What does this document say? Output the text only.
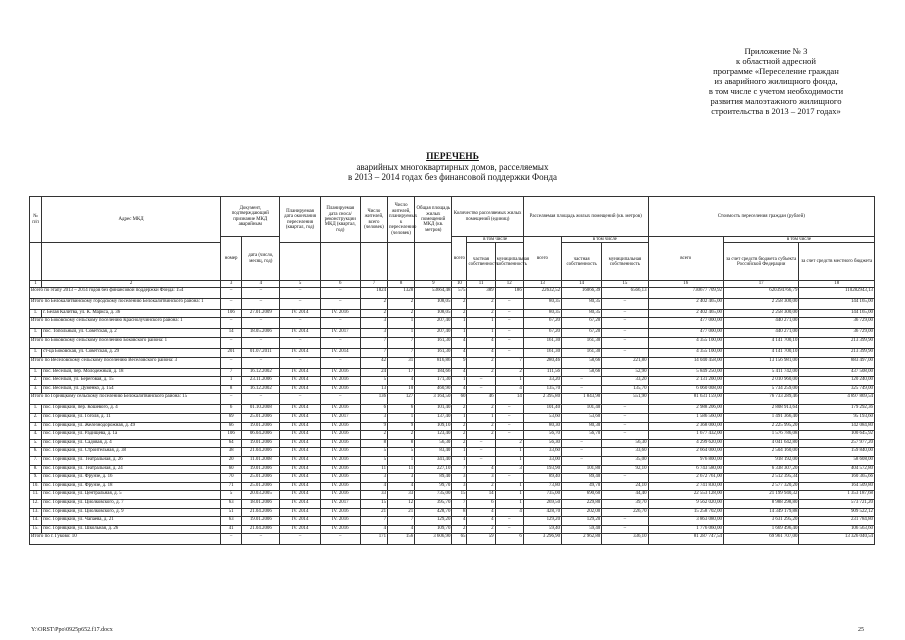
Приложение № 3
к областной адресной
программе «Переселение граждан
из аварийного жилищного фонда,
в том числе с учетом необходимости
развития малоэтажного жилищного
строительства в 2013 – 2017 годах»
ПЕРЕЧЕНЬ
аварийных многоквартирных домов, расселяемых
в 2013 – 2014 годах без финансовой поддержки Фонда
№ п/п	Адрес МКД	Документ, подтверждающий признание МКД аварийным		Планируемая дата окончания переселения (квартал, год)	Планируемая дата сноса/ реконструкции МКД (квартал, год)	Число жителей, всего (человек)	Число жителей, планируемых к переселению (человек)	Общая площадь жилых помещений МКД (кв. метров)	Количество расселяемых жилых помещений (единиц)			Расселяемая площадь жилых помещений (кв. метров)			Стоимость переселения граждан (рублей)		
		номер	дата (число, месяц, год)						всего	в том числе		всего	в том числе		всего	в том числе	
										частная собственность	муниципальная собственность		частная собственность	муниципальная собственность		за счет средств бюджета субъекта Российской Федерации	за счет средств местного бюджета
1	2	3	4	5	6	7	8	9	10	11	12	13	14	15	16	17	18
Всего по этапу 2013 – 2014 годов без финансовой поддержки Фонда: 154		–	–	–	–	1824	1328	53664,48	575	389	186	22632,52	16066,39	6566,13	730677 709,92	620394766,79	110282943,13
Итого по Белокалитвинскому городскому поселению Белокалитвинского района: 1		–	–	–	–	2	2	108,05	2	2	–	80,35	80,35	–	2 402 465,00	2 258 300,00	144 165,00
1.	г. Белая Калитва, ул. К. Маркса, д. 36	106	27.01.2009	IV. 2014	IV. 2016	2	2	108,05	2	2	–	80,35	80,35	–	2 402 465,00	2 258 300,00	144 165,00
Итого по Боковскому сельскому поселению Краснолучинского района: 1		–	–	–	–	3	1	207,40	1	1	–	67,20	67,20	–	477 000,00	440 271,00	36 729,00
1.	пос. Топольный, ул. Советская, д. 2	14	18.05.2006	IV. 2014	IV. 2017	3	1	207,40	1	1	–	67,20	67,20	–	477 000,00	440 271,00	36 729,00
Итого по Боковскому сельскому поселению Боковского района: 1		–	–	–	–	7	7	161,30	4	4	–	161,30	161,30	–	4 355 100,00	4 141 700,10	213 399,90
1.	ст-ца Боковская, ул. Советская, д. 29	201	01.07.2011	IV. 2014	IV. 2014	7	7	161,30	4	4	–	161,30	161,30	–	4 355 100,00	4 141 700,10	213 399,90
Итого по Веселовскому сельскому поселению Веселовского района: 3		–	–	–	–	42	31	816,86	9	2	7	280,46	58,66	221,80	14 040 458,00	13 156 981,00	883 497,00
1.	пос. Веселый, пер. Молодежный, д. 18	7	16.12.2002	IV. 2014	IV. 2016	24	17	184,66	4	2	2	111,56	58,66	52,90	5 849 250,00	5 411 742,00	437 508,00
2.	пос. Веселый, ул. Береговая, д. 15	1	23.11.2006	IV. 2014	IV. 2016	5	4	171,30	1	–	1	33,20	–	33,20	2 131 200,00	2 010 960,00	120 240,00
3.	пос. Веселый, ул. Думенко, д. 154	8	16.12.2002	IV. 2014	IV. 2016	13	10	460,90	4	–	4	135,70	–	135,70	6 060 008,00	5 734 259,00	325 749,00
Итого по Горняцкому сельскому поселению Белокалитвинского района: 15		–	–	–	–	136	127	3 164,50	60	46	14	2 395,80	1 843,90	551,90	81 631 159,00	76 733 289,46	4 897 869,54
1.	пос. Горняцкий, пер. Кошевого, д. 4	6	01.10.2008	IV. 2014	IV. 2016	6	6	101,40	2	2	–	101,40	101,40	–	2 988 206,00	2 808 913,64	179 292,36
2.	пос. Горняцкий, ул. Гоголя, д. 11	69	25.01.2006	IV. 2014	IV. 2017	3	1	137,40	1	1	–	53,60	53,60	–	1 586 560,00	1 491 366,40	95 193,60
3.	пос. Горняцкий, ул. Железнодорожная, д. 49	66	19.01.2006	IV. 2014	IV. 2016	9	9	109,10	2	2	–	80,30	80,30	–	2 368 000,00	2 225 995,20	142 084,80
4.	пос. Горняцкий, ул. Радищева, д. 1а	106	06.04.2006	IV. 2014	IV. 2016	2	2	123,40	2	2	–	56,70	56,70	–	1 677 432,00	1 576 786,08	100 645,92
5.	пос. Горняцкий, ул. Садовая, д. 4	64	19.01.2006	IV. 2014	IV. 2016	8	8	56,30	2	–	2	56,30	–	56,30	4 299 620,00	4 041 642,80	257 977,20
6.	пос. Горняцкий, ул. Строительная, д. 38	38	21.04.2006	IV. 2014	IV. 2016	5	5	83,40	1	–	1	33,60	–	33,60	2 664 000,00	2 504 160,00	159 840,00
7.	пос. Горняцкий, ул. Театральная, д. 26	20	11.01.2008	IV. 2014	IV. 2016	5	1	341,40	1	–	1	33,00	–	35,00	976 800,00	918 192,00	58 608,00
8.	пос. Горняцкий, ул. Театральная, д. 24	60	19.01.2006	IV. 2014	IV. 2016	11	11	227,10	7	4	3	193,90	101,80	92,10	6 743 580,00	6 338 307,20	404 572,80
9.	пос. Горняцкий, ул. Фрунзе, д. 16	70	25.01.2006	IV. 2014	IV. 2016	3	3	89,40	3	3	–	89,40	89,40	–	2 672 761,00	2 512 395,34	160 365,66
10.	пос. Горняцкий, ул. Фрунзе, д. 18	71	25.01.2006	IV. 2014	IV. 2016	4	4	99,70	3	2	1	73,80	49,70	24,10	2 741 830,00	2 577 320,20	164 509,80
11.	пос. Горняцкий, ул. Центральная, д. 5	5	20.03.2005	IV. 2014	IV. 2016	33	33	735,00	15	14	1	735,00	690,60	44,40	22 553 128,00	21 199 940,32	1 353 187,68
12.	пос. Горняцкий, ул. Циолковского, д. 7	63	18.01.2006	IV. 2014	IV. 2017	15	12	395,70	7	6	1	269,50	229,80	39,70	9 562 020,00	8 988 298,80	573 721,20
13.	пос. Горняцкий, ул. Циолковского, д. 9	51	21.04.2006	IV. 2014	IV. 2016	21	21	428,70	8	4	4	428,70	202,00	226,70	15 258 702,00	14 349 179,88	909 522,12
14.	пос. Горняцкий, ул. Чапаева, д. 21	63	19.01.2006	IV. 2014	IV. 2016	7	7	129,20	4	4	–	129,20	129,20	–	3 863 080,00	3 631 295,20	231 784,80
15.	пос. Горняцкий, ул. Школьная, д. 26	41	21.04.2006	IV. 2014	IV. 2016	4	4	109,70	2	2	–	59,40	59,40	–	1 776 060,00	1 669 496,40	106 563,60
Итого по г. Гуково: 10		–	–	–	–	171	156	3 606,90	65	59	6	3 296,90	2 962,80	336,10	81 287 747,54	69 961 707,00	13 326 040,54
Y:\ORST\Ppo\0925p652.f17.docx	25
